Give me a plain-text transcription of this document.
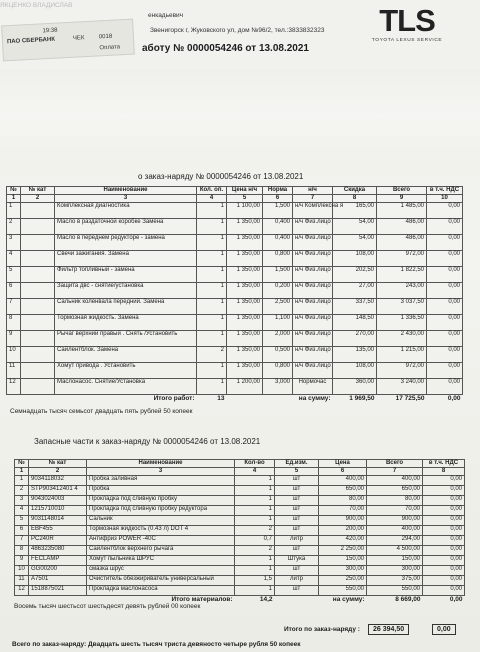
ЯКЦЕНКО ВЛАДИСЛАВ
енкадьевич
Звенигорск г, Жуковского ул, дом №96/2, тел.:3833832323
ПАО СБЕРБАНК
19:38
ЧЕК 0018
Оплата аботу № 0000054246 от 13.08.2021
TLS
TOYOTA LEXUS SERVICE
о заказ-наряду № 0000054246 от 13.08.2021
№	№ кат	Наименование	Кол. оп.	Цена н/ч	Норма	н/ч	Скидка	Всего	в т.ч. НДС
1	2	3	4	5	6	7	8	9	10
1		Комплексная диагностика	1	1 100,00	1,500	н/ч Комплексна я	165,00	1 485,00	0,00
2		Масло в раздаточной коробке Замена	1	1 350,00	0,400	н/ч Физ.лицо	54,00	486,00	0,00
3		Масло в переднем редукторе - замена	1	1 350,00	0,400	н/ч Физ.лицо	54,00	486,00	0,00
4		Свечи зажигания. Замена	1	1 350,00	0,800	н/ч Физ.лицо	108,00	972,00	0,00
5		Фильтр топливный - замена	1	1 350,00	1,500	н/ч Физ.лицо	202,50	1 822,50	0,00
6		Защита двс - снятие/установка	1	1 350,00	0,200	н/ч Физ.лицо	27,00	243,00	0,00
7		Сальник коленвала передний. Замена	1	1 350,00	2,500	н/ч Физ.лицо	337,50	3 037,50	0,00
8		Тормозная жидкость. Замена	1	1 350,00	1,100	н/ч Физ.лицо	148,50	1 336,50	0,00
9		Рычаг верхний правый . Снять /Установить	1	1 350,00	2,000	н/ч Физ.лицо	270,00	2 430,00	0,00
10		Сайлентблок. Замена	2	1 350,00	0,500	н/ч Физ.лицо	135,00	1 215,00	0,00
11		Хомут привода . Установить	1	1 350,00	0,800	н/ч Физ.лицо	108,00	972,00	0,00
12		Маслонасос. Снятие/Установка	1	1 200,00	3,000	Нормочас	360,00	3 240,00	0,00
Итого работ:			13	на сумму:			1 969,50	17 725,50	0,00
Семнадцать тысяч семьсот двадцать пять рублей 50 копеек
Запасные части к заказ-наряду № 0000054246 от 13.08.2021
№	№ кат	Наименование	Кол-во	Ед.изм.	Цена	Всего	в т.ч. НДС
1	2	3	4	5	6	7	8
1	9034118032	Пробка заливная	1	шт	400,00	400,00	0,00
2	STP903412401 4	Пробка	1	шт	650,00	650,00	0,00
3	9043024003	Прокладка под сливную пробку	1	шт	80,00	80,00	0,00
4	1215710010	Прокладка под сливную пробку редуктора	1	шт	70,00	70,00	0,00
5	9031148014	Сальник	1	шт	900,00	900,00	0,00
6	EBF455	Тормозная жидкость (0.43 л) DOT 4	2	шт	200,00	400,00	0,00
7	PC240R	Антифриз POWER -40C	0,7	литр	420,00	294,00	0,00
8	4863235080	Сайлентблок верхнего рычага	2	шт	2 250,00	4 500,00	0,00
9	FECLAMP	Хомут пыльника ШРУС	1	Штука	150,00	150,00	0,00
10	GG00200	смазка шрус	1	шт	300,00	300,00	0,00
11	A7501	Очиститель обезжириватель универсальный	1,5	литр	250,00	375,00	0,00
12	1518875021	Прокладка маслонасоса	1	шт	550,00	550,00	0,00
Итого материалов:			14,2	на сумму:		8 669,00	0,00
Восемь тысяч шестьсот шестьдесят девять рублей 00 копеек
Итого по заказ-наряду :	26 394,50	0,00
Всего по заказ-наряду: Двадцать шесть тысяч триста девяносто четыре рубля 50 копеек
